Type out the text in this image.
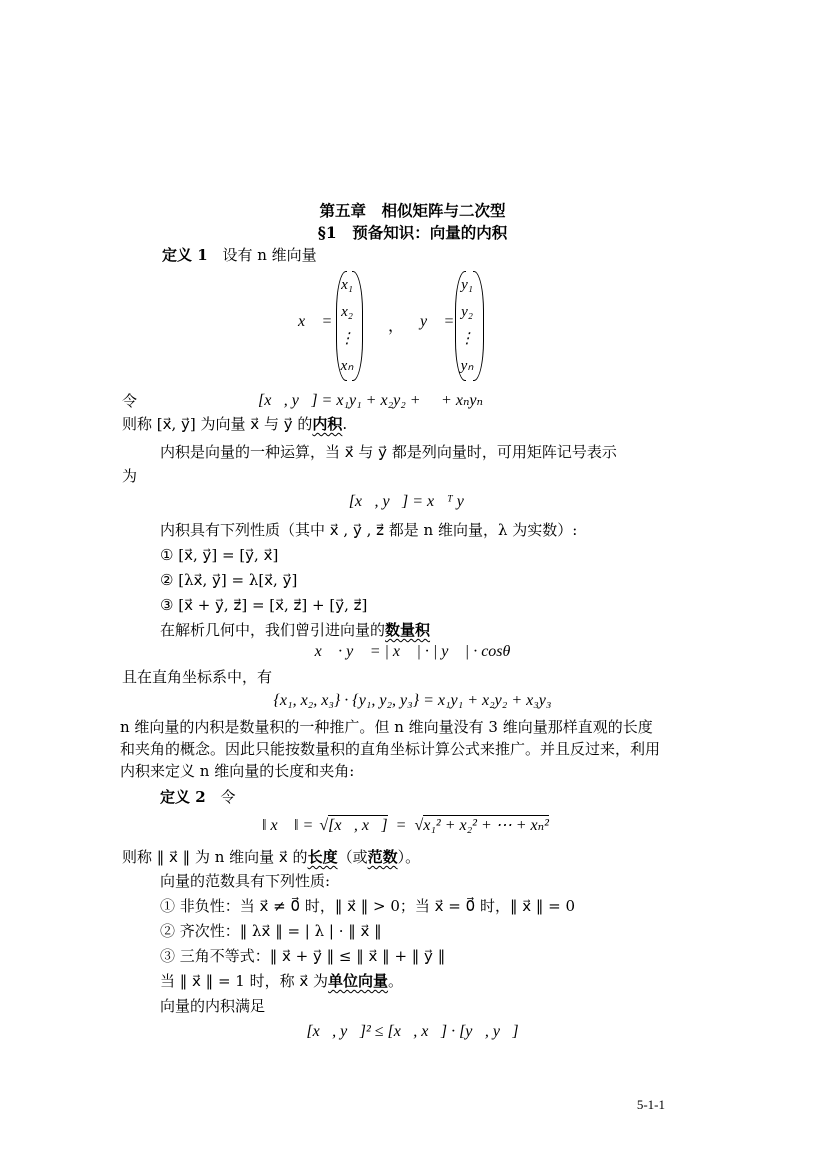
第五章　相似矩阵与二次型
§1　预备知识：向量的内积
定义 1 设有 n 维向量
x⃗ =
x₁
x₂
⋮
xₙ
， y⃗ =
y₁
y₂
⋮
yₙ
令	[x⃗, y⃗] = x₁y₁ + x₂y₂ + ⋯ + xₙyₙ
则称 [x⃗, y⃗] 为向量 x⃗ 与 y⃗ 的内积.
内积是向量的一种运算，当 x⃗ 与 y⃗ 都是列向量时，可用矩阵记号表示
为
[x⃗, y⃗] = x⃗ᵀ y⃗
内积具有下列性质（其中 x⃗ , y⃗ , z⃗ 都是 n 维向量，λ 为实数）:
① [x⃗, y⃗] = [y⃗, x⃗]
② [λx⃗, y⃗] = λ[x⃗, y⃗]
③ [x⃗ + y⃗, z⃗] = [x⃗, z⃗] + [y⃗, z⃗]
在解析几何中，我们曾引进向量的数量积
x⃗ · y⃗ = | x⃗ | · | y⃗ | · cosθ
且在直角坐标系中，有
{x₁, x₂, x₃} · {y₁, y₂, y₃} = x₁y₁ + x₂y₂ + x₃y₃
n 维向量的内积是数量积的一种推广。但 n 维向量没有 3 维向量那样直观的长度和夹角的概念。因此只能按数量积的直角坐标计算公式来推广。并且反过来，利用内积来定义 n 维向量的长度和夹角:
定义 2 令
‖ x⃗ ‖ = √[x⃗, x⃗] = √x₁² + x₂² + ⋯ + xₙ²
则称 ‖ x⃗ ‖ 为 n 维向量 x⃗ 的长度（或范数）。
向量的范数具有下列性质:
① 非负性：当 x⃗ ≠ 0⃗ 时，‖ x⃗ ‖ > 0；当 x⃗ = 0⃗ 时，‖ x⃗ ‖ = 0
② 齐次性：‖ λx⃗ ‖ = | λ | · ‖ x⃗ ‖
③ 三角不等式：‖ x⃗ + y⃗ ‖ ≤ ‖ x⃗ ‖ + ‖ y⃗ ‖
当 ‖ x⃗ ‖ = 1 时，称 x⃗ 为单位向量。
向量的内积满足
[x⃗, y⃗]² ≤ [x⃗, x⃗] · [y⃗, y⃗]
5-1-1
